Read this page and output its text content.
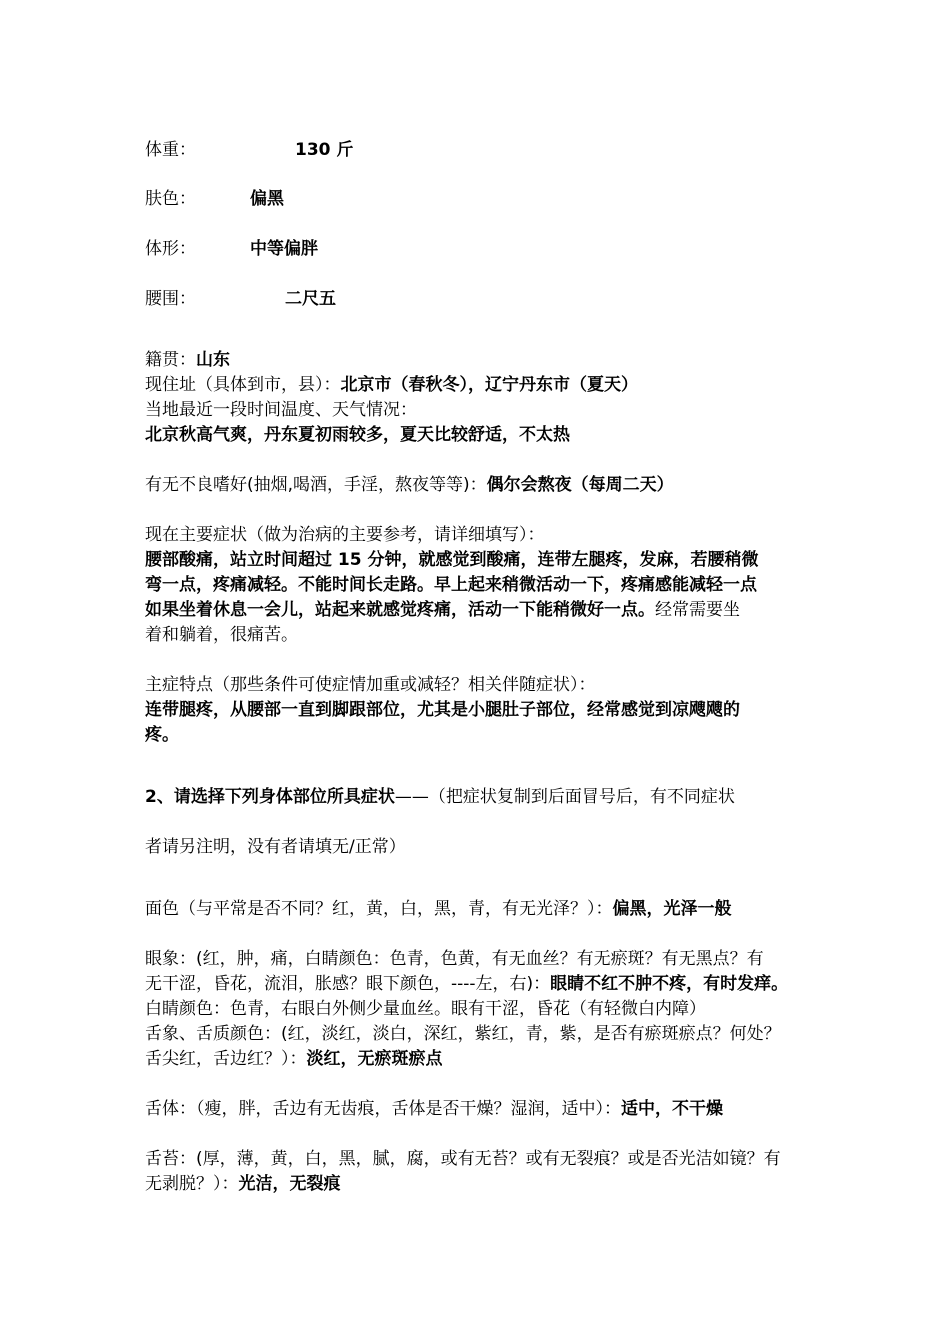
体重：	130 斤
肤色：	偏黑
体形：	中等偏胖
腰围：	二尺五
籍贯：山东
现住址（具体到市，县）：北京市（春秋冬），辽宁丹东市（夏天）
当地最近一段时间温度、天气情况：
北京秋高气爽，丹东夏初雨较多，夏天比较舒适，不太热
有无不良嗜好(抽烟,喝酒，手淫，熬夜等等)：偶尔会熬夜（每周二天）
现在主要症状（做为治病的主要参考，请详细填写）：
腰部酸痛，站立时间超过 15 分钟，就感觉到酸痛，连带左腿疼，发麻，若腰稍微
弯一点，疼痛减轻。不能时间长走路。早上起来稍微活动一下，疼痛感能减轻一点
如果坐着休息一会儿，站起来就感觉疼痛，活动一下能稍微好一点。经常需要坐
着和躺着，很痛苦。
主症特点（那些条件可使症情加重或减轻？相关伴随症状）：
连带腿疼，从腰部一直到脚跟部位，尤其是小腿肚子部位，经常感觉到凉飕飕的
疼。
2、请选择下列身体部位所具症状——（把症状复制到后面冒号后，有不同症状
者请另注明，没有者请填无/正常）
面色（与平常是否不同？红，黄，白，黑，青，有无光泽？）：偏黑，光泽一般
眼象：(红，肿，痛，白睛颜色：色青，色黄，有无血丝？有无瘀斑？有无黑点？有
无干涩，昏花，流泪，胀感？眼下颜色，----左，右)：眼睛不红不肿不疼，有时发痒。
白睛颜色：色青，右眼白外侧少量血丝。眼有干涩，昏花（有轻微白内障）
舌象、舌质颜色：(红，淡红，淡白，深红，紫红，青，紫，是否有瘀斑瘀点？何处？
舌尖红，舌边红？）：淡红，无瘀斑瘀点
舌体：（瘦，胖，舌边有无齿痕，舌体是否干燥？湿润，适中）：适中，不干燥
舌苔：(厚，薄，黄，白，黑，腻，腐，或有无苔？或有无裂痕？或是否光洁如镜？有
无剥脱？）：光洁，无裂痕
